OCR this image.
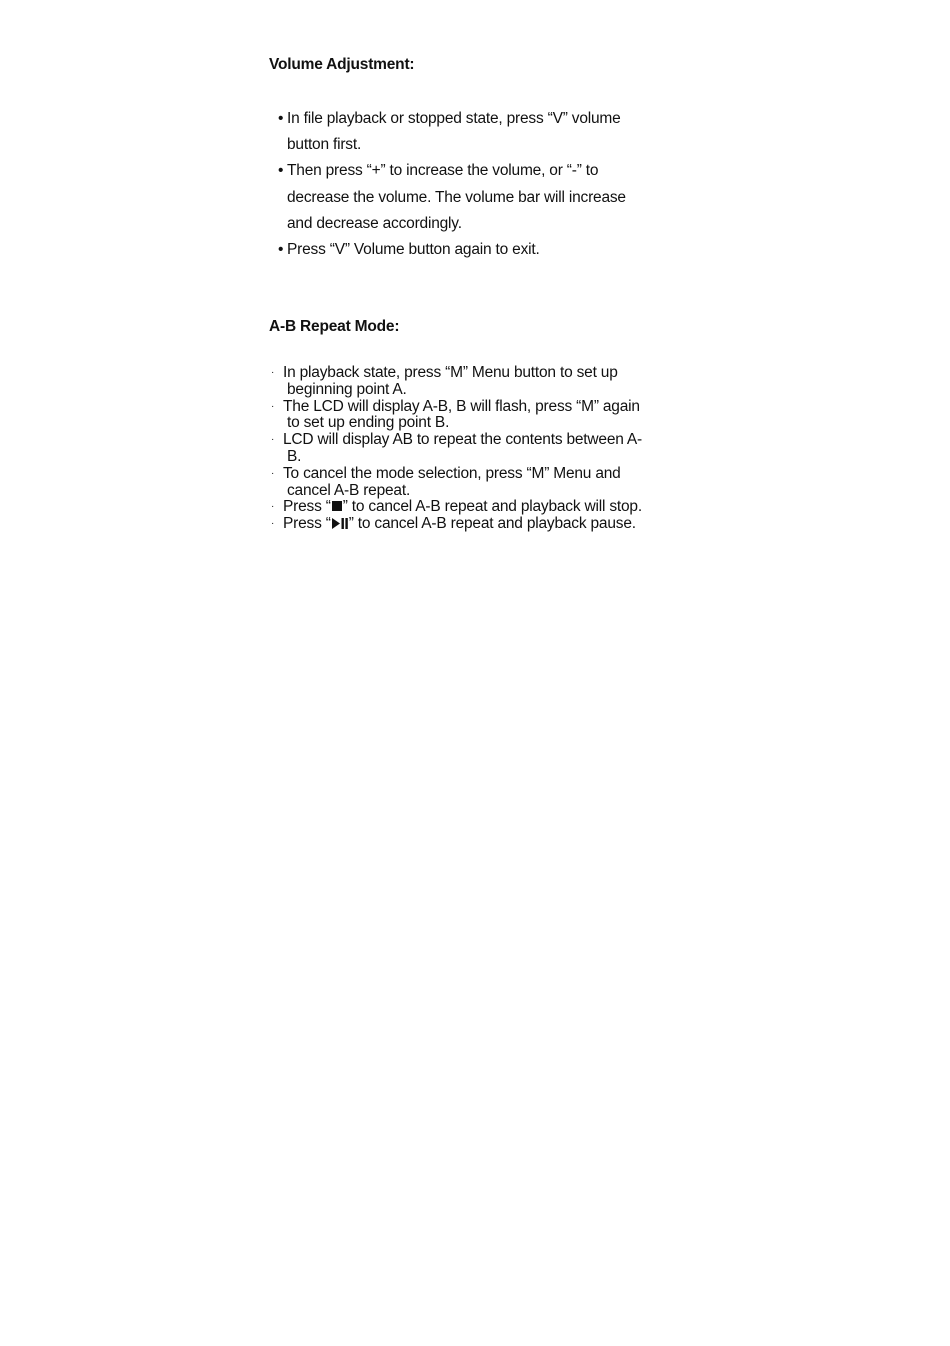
Volume Adjustment:
• In file playback or stopped state, press “V” volume button first.
• Then press “+” to increase the volume, or “-” to decrease the volume. The volume bar will increase and decrease accordingly.
• Press “V” Volume button again to exit.
A-B Repeat Mode:
· In playback state, press “M” Menu button to set up beginning point A.
· The LCD will display A-B, B will flash, press “M” again to set up ending point B.
· LCD will display AB to repeat the contents between A-B.
· To cancel the mode selection, press “M” Menu and cancel A-B repeat.
· Press “ ” to cancel A-B repeat and playback will stop.
· Press “ ” to cancel A-B repeat and playback pause.
